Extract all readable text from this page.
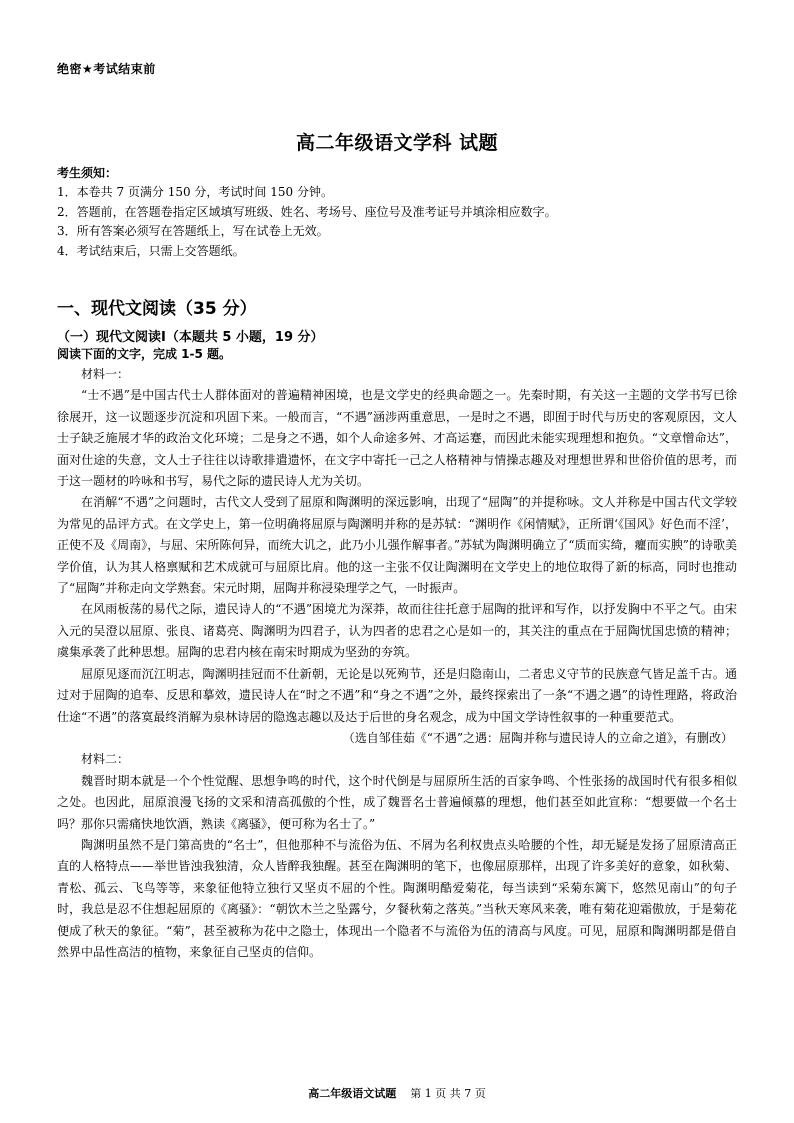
绝密★考试结束前
高二年级语文学科 试题
考生须知：
1．本卷共 7 页满分 150 分，考试时间 150 分钟。
2．答题前，在答题卷指定区域填写班级、姓名、考场号、座位号及准考证号并填涂相应数字。
3．所有答案必须写在答题纸上，写在试卷上无效。
4．考试结束后，只需上交答题纸。
一、现代文阅读（35 分）
（一）现代文阅读Ⅰ（本题共 5 小题，19 分）
阅读下面的文字，完成 1-5 题。

材料一：

“士不遇”是中国古代士人群体面对的普遍精神困境，也是文学史的经典命题之一。先秦时期，有关这一主题的文学书写已徐徐展开，这一议题逐步沉淀和巩固下来。一般而言，“不遇”涵涉两重意思，一是时之不遇，即囿于时代与历史的客观原因，文人士子缺乏施展才华的政治文化环境；二是身之不遇，如个人命途多舛、才高运蹇，而因此未能实现理想和抱负。“文章憎命达”，面对仕途的失意，文人士子往往以诗歌排遣遗怀，在文字中寄托一己之人格精神与情操志趣及对理想世界和世俗价值的思考，而于这一题材的吟咏和书写，易代之际的遗民诗人尤为关切。

在消解“不遇”之问题时，古代文人受到了屈原和陶渊明的深远影响，出现了“屈陶”的并提称咏。文人并称是中国古代文学较为常见的品评方式。在文学史上，第一位明确将屈原与陶渊明并称的是苏轼：“渊明作《闲情赋》，正所谓‘《国风》好色而不淫’，正使不及《周南》，与屈、宋所陈何异，而统大讥之，此乃小儿强作解事者。”苏轼为陶渊明确立了“质而实绮，癯而实腴”的诗歌美学价值，认为其人格禀赋和艺术成就可与屈原比肩。他的这一主张不仅让陶渊明在文学史上的地位取得了新的标高，同时也推动了“屈陶”并称走向文学熟套。宋元时期，屈陶并称浸染理学之气，一时振声。

在风雨板荡的易代之际，遗民诗人的“不遇”困境尤为深莽，故而往往托意于屈陶的批评和写作，以抒发胸中不平之气。由宋入元的吴澄以屈原、张良、诸葛亮、陶渊明为四君子，认为四者的忠君之心是如一的，其关注的重点在于屈陶忧国忠愤的精神；虞集承袭了此种思想。屈陶的忠君内核在南宋时期成为坚劲的夯筑。

屈原见逐而沉江明志，陶渊明挂冠而不仕新朝，无论是以死殉节，还是归隐南山，二者忠义守节的民族意气皆足盖千古。通过对于屈陶的追奉、反思和摹效，遗民诗人在“时之不遇”和“身之不遇”之外，最终探索出了一条“不遇之遇”的诗性理路，将政治仕途“不遇”的落寞最终消解为泉林诗居的隐逸志趣以及达于后世的身名观念，成为中国文学诗性叙事的一种重要范式。

（选自邹佳茹《“不遇”之遇：屈陶并称与遗民诗人的立命之道》，有删改）

材料二：

魏晋时期本就是一个个性觉醒、思想争鸣的时代，这个时代倒是与屈原所生活的百家争鸣、个性张扬的战国时代有很多相似之处。也因此，屈原浪漫飞扬的文采和清高孤傲的个性，成了魏晋名士普遍倾慕的理想，他们甚至如此宣称：“想要做一个名士吗？那你只需痛快地饮酒，熟读《离骚》，便可称为名士了。”

陶渊明虽然不是门第高贵的“名士”，但他那种不与流俗为伍、不屑为名利权贵点头哈腰的个性，却无疑是发扬了屈原清高正直的人格特点——举世皆浊我独清，众人皆醉我独醒。甚至在陶渊明的笔下，也像屈原那样，出现了许多美好的意象，如秋菊、青松、孤云、飞鸟等等，来象征他特立独行又坚贞不屈的个性。陶渊明酷爱菊花，每当读到“采菊东篱下，悠然见南山”的句子时，我总是忍不住想起屈原的《离骚》：“朝饮木兰之坠露兮，夕餐秋菊之落英。”当秋天寒风来袭，唯有菊花迎霜傲放，于是菊花便成了秋天的象征。“菊”，甚至被称为花中之隐士，体现出一个隐者不与流俗为伍的清高与风度。可见，屈原和陶渊明都是借自然界中品性高洁的植物，来象征自己坚贞的信仰。

高二年级语文试题 第 1 页 共 7 页
